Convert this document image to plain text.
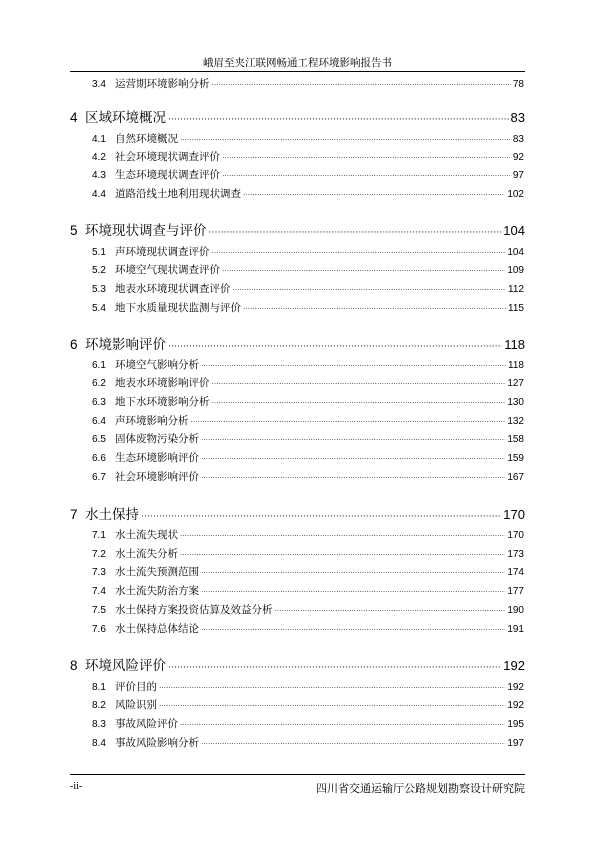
峨眉至夹江联网畅通工程环境影响报告书
3.4 运营期环境影响分析 ·····	78
4 区域环境概况 ·····	83
4.1 自然环境概况 ·····	83
4.2 社会环境现状调查评价 ·····	92
4.3 生态环境现状调查评价 ·····	97
4.4 道路沿线土地利用现状调查 ·····	102
5 环境现状调查与评价 ·····	104
5.1 声环境现状调查评价 ·····	104
5.2 环境空气现状调查评价 ·····	109
5.3 地表水环境现状调查评价 ·····	112
5.4 地下水质量现状监测与评价 ·····	115
6 环境影响评价 ·····	118
6.1 环境空气影响分析 ·····	118
6.2 地表水环境影响评价 ·····	127
6.3 地下水环境影响分析 ·····	130
6.4 声环境影响分析 ·····	132
6.5 固体废物污染分析 ·····	158
6.6 生态环境影响评价 ·····	159
6.7 社会环境影响评价 ·····	167
7 水土保持 ·····	170
7.1 水土流失现状 ·····	170
7.2 水土流失分析 ·····	173
7.3 水土流失预测范围 ·····	174
7.4 水土流失防治方案 ·····	177
7.5 水土保持方案投资估算及效益分析 ·····	190
7.6 水土保持总体结论 ·····	191
8 环境风险评价 ·····	192
8.1 评价目的 ·····	192
8.2 风险识别 ·····	192
8.3 事故风险评价 ·····	195
8.4 事故风险影响分析 ·····	197
-ii-	四川省交通运输厅公路规划勘察设计研究院
